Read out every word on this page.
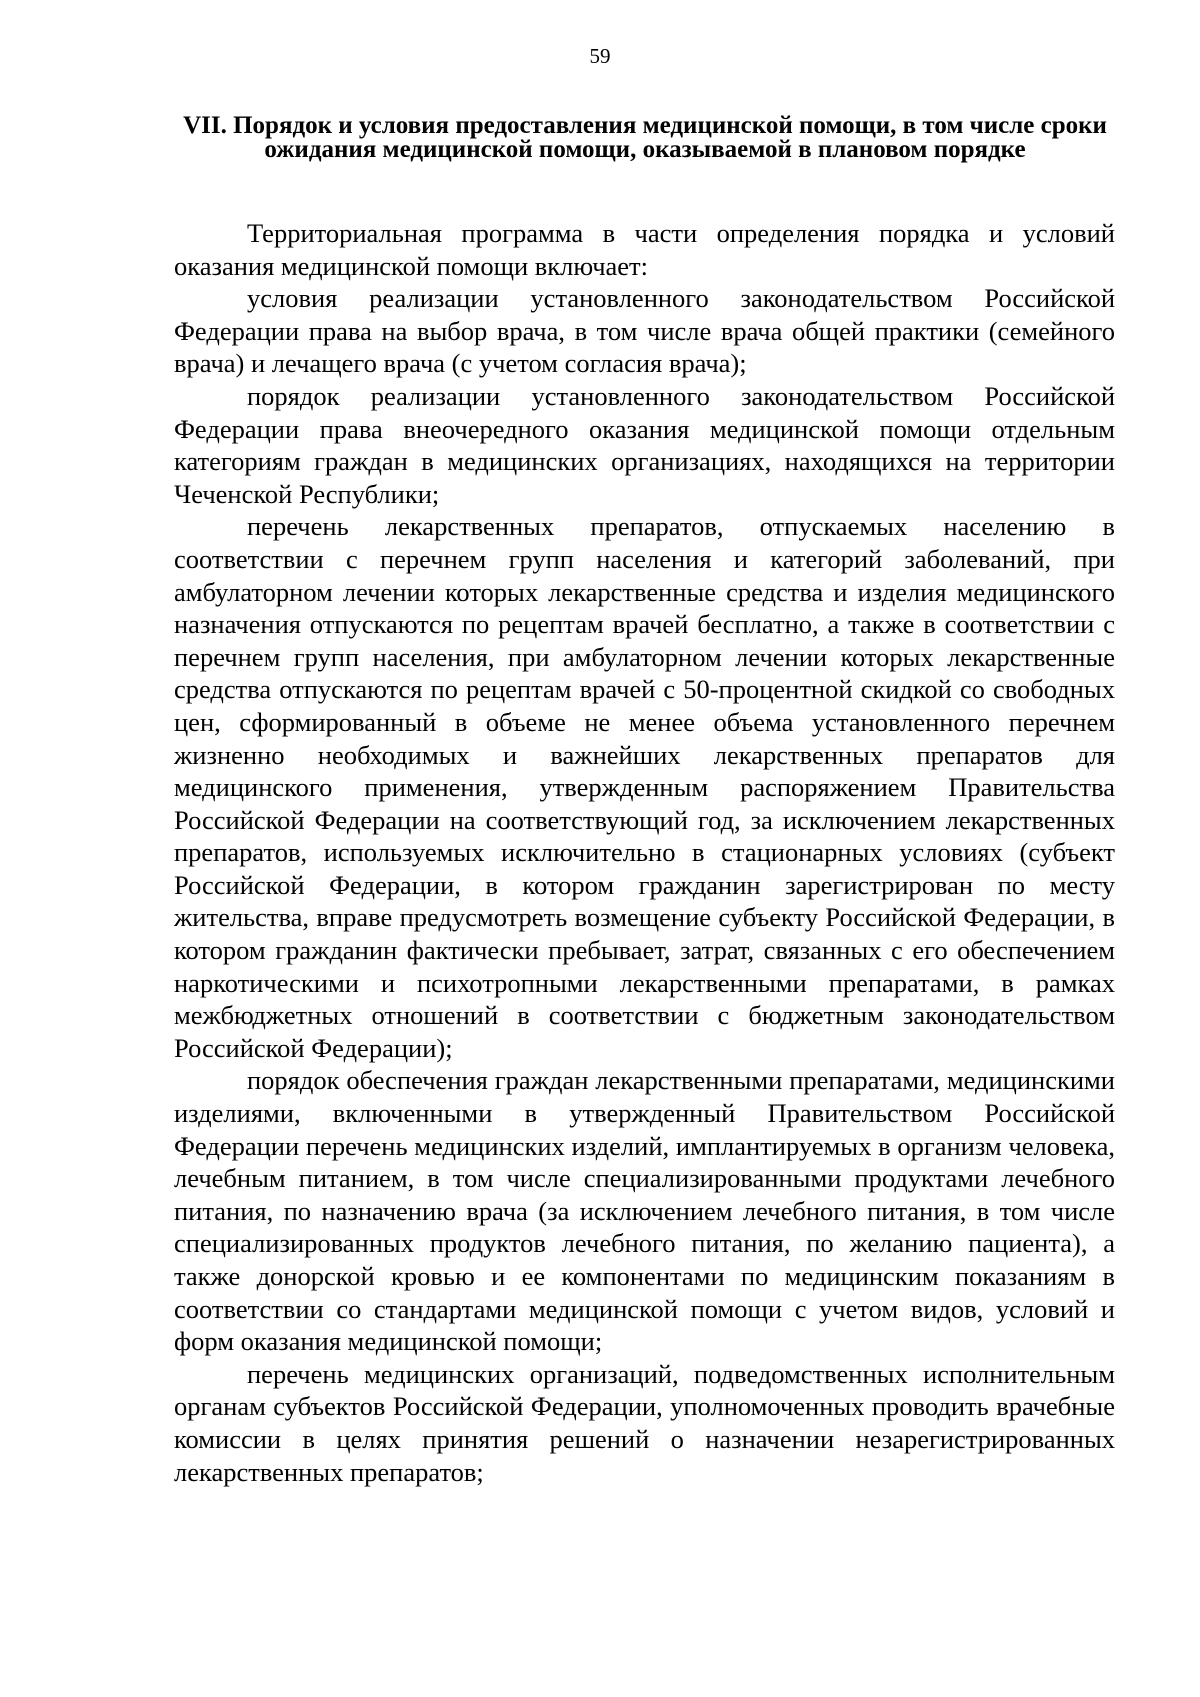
59
VII. Порядок и условия предоставления медицинской помощи, в том числе сроки ожидания медицинской помощи, оказываемой в плановом порядке

Территориальная программа в части определения порядка и условий оказания медицинской помощи включает:

условия реализации установленного законодательством Российской Федерации права на выбор врача, в том числе врача общей практики (семейного врача) и лечащего врача (с учетом согласия врача);

порядок реализации установленного законодательством Российской Федерации права внеочередного оказания медицинской помощи отдельным категориям граждан в медицинских организациях, находящихся на территории Чеченской Республики;

перечень лекарственных препаратов, отпускаемых населению в соответствии с перечнем групп населения и категорий заболеваний, при амбулаторном лечении которых лекарственные средства и изделия медицинского назначения отпускаются по рецептам врачей бесплатно, а также в соответствии с перечнем групп населения, при амбулаторном лечении которых лекарственные средства отпускаются по рецептам врачей с 50-процентной скидкой со свободных цен, сформированный в объеме не менее объема установленного перечнем жизненно необходимых и важнейших лекарственных препаратов для медицинского применения, утвержденным распоряжением Правительства Российской Федерации на соответствующий год, за исключением лекарственных препаратов, используемых исключительно в стационарных условиях (субъект Российской Федерации, в котором гражданин зарегистрирован по месту жительства, вправе предусмотреть возмещение субъекту Российской Федерации, в котором гражданин фактически пребывает, затрат, связанных с его обеспечением наркотическими и психотропными лекарственными препаратами, в рамках межбюджетных отношений в соответствии с бюджетным законодательством Российской Федерации);

порядок обеспечения граждан лекарственными препаратами, медицинскими изделиями, включенными в утвержденный Правительством Российской Федерации перечень медицинских изделий, имплантируемых в организм человека, лечебным питанием, в том числе специализированными продуктами лечебного питания, по назначению врача (за исключением лечебного питания, в том числе специализированных продуктов лечебного питания, по желанию пациента), а также донорской кровью и ее компонентами по медицинским показаниям в соответствии со стандартами медицинской помощи с учетом видов, условий и форм оказания медицинской помощи;

перечень медицинских организаций, подведомственных исполнительным органам субъектов Российской Федерации, уполномоченных проводить врачебные комиссии в целях принятия решений о назначении незарегистрированных лекарственных препаратов;
